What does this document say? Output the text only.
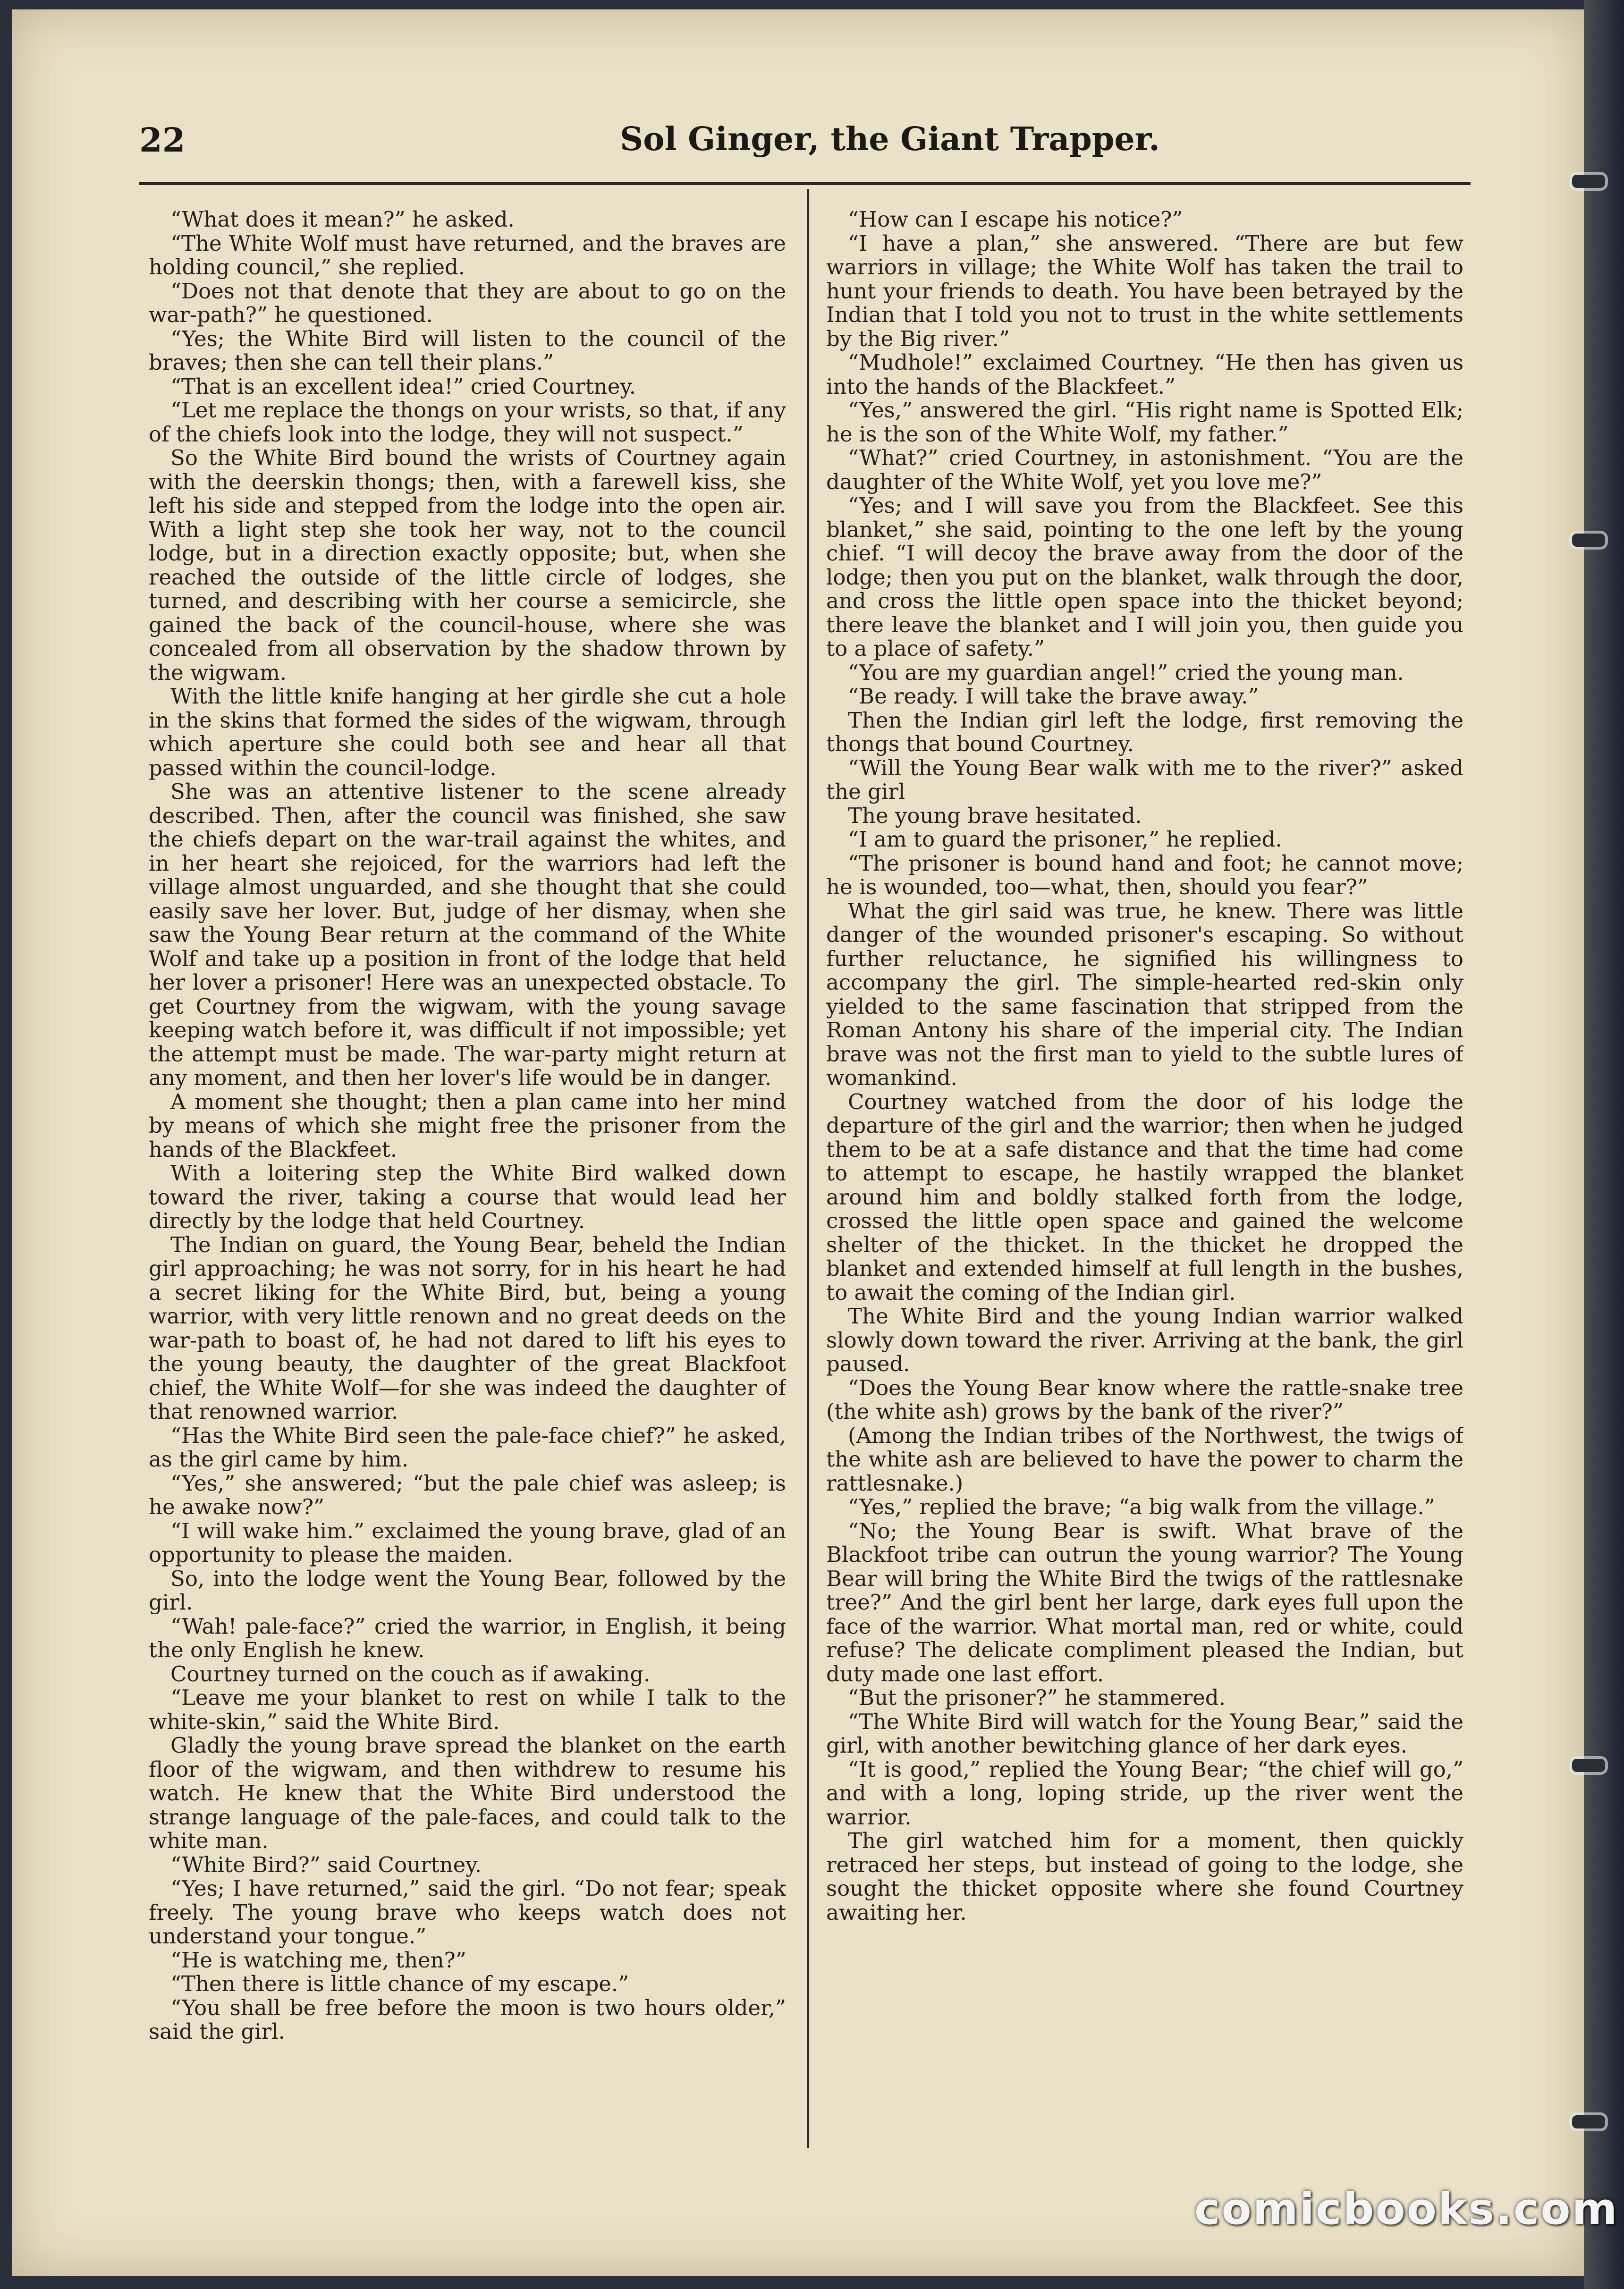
22	Sol Ginger, the Giant Trapper.

“What does it mean?” he asked.

“The White Wolf must have returned, and the braves are holding council,” she replied.

“Does not that denote that they are about to go on the war-path?” he questioned.

“Yes; the White Bird will listen to the council of the braves; then she can tell their plans.”

“That is an excellent idea!” cried Courtney.

“Let me replace the thongs on your wrists, so that, if any of the chiefs look into the lodge, they will not suspect.”

So the White Bird bound the wrists of Courtney again with the deerskin thongs; then, with a farewell kiss, she left his side and stepped from the lodge into the open air. With a light step she took her way, not to the council lodge, but in a direction exactly opposite; but, when she reached the outside of the little circle of lodges, she turned, and describing with her course a semicircle, she gained the back of the council-house, where she was concealed from all observation by the shadow thrown by the wigwam.

With the little knife hanging at her girdle she cut a hole in the skins that formed the sides of the wigwam, through which aperture she could both see and hear all that passed within the council-lodge.

She was an attentive listener to the scene already described. Then, after the council was finished, she saw the chiefs depart on the war-trail against the whites, and in her heart she rejoiced, for the warriors had left the village almost unguarded, and she thought that she could easily save her lover. But, judge of her dismay, when she saw the Young Bear return at the command of the White Wolf and take up a position in front of the lodge that held her lover a prisoner! Here was an unexpected obstacle. To get Courtney from the wigwam, with the young savage keeping watch before it, was difficult if not impossible; yet the attempt must be made. The war-party might return at any moment, and then her lover's life would be in danger.

A moment she thought; then a plan came into her mind by means of which she might free the prisoner from the hands of the Blackfeet.

With a loitering step the White Bird walked down toward the river, taking a course that would lead her directly by the lodge that held Courtney.

The Indian on guard, the Young Bear, beheld the Indian girl approaching; he was not sorry, for in his heart he had a secret liking for the White Bird, but, being a young warrior, with very little renown and no great deeds on the war-path to boast of, he had not dared to lift his eyes to the young beauty, the daughter of the great Blackfoot chief, the White Wolf—for she was indeed the daughter of that renowned warrior.

“Has the White Bird seen the pale-face chief?” he asked, as the girl came by him.

“Yes,” she answered; “but the pale chief was asleep; is he awake now?”

“I will wake him.” exclaimed the young brave, glad of an opportunity to please the maiden.

So, into the lodge went the Young Bear, followed by the girl.

“Wah! pale-face?” cried the warrior, in English, it being the only English he knew.

Courtney turned on the couch as if awaking.

“Leave me your blanket to rest on while I talk to the white-skin,” said the White Bird.

Gladly the young brave spread the blanket on the earth floor of the wigwam, and then withdrew to resume his watch. He knew that the White Bird understood the strange language of the pale-faces, and could talk to the white man.

“White Bird?” said Courtney.

“Yes; I have returned,” said the girl. “Do not fear; speak freely. The young brave who keeps watch does not understand your tongue.”

“He is watching me, then?”

“Then there is little chance of my escape.”

“You shall be free before the moon is two hours older,” said the girl.

“How can I escape his notice?”

“I have a plan,” she answered. “There are but few warriors in village; the White Wolf has taken the trail to hunt your friends to death. You have been betrayed by the Indian that I told you not to trust in the white settlements by the Big river.”

“Mudhole!” exclaimed Courtney. “He then has given us into the hands of the Blackfeet.”

“Yes,” answered the girl. “His right name is Spotted Elk; he is the son of the White Wolf, my father.”

“What?” cried Courtney, in astonishment. “You are the daughter of the White Wolf, yet you love me?”

“Yes; and I will save you from the Blackfeet. See this blanket,” she said, pointing to the one left by the young chief. “I will decoy the brave away from the door of the lodge; then you put on the blanket, walk through the door, and cross the little open space into the thicket beyond; there leave the blanket and I will join you, then guide you to a place of safety.”

“You are my guardian angel!” cried the young man.

“Be ready. I will take the brave away.”

Then the Indian girl left the lodge, first removing the thongs that bound Courtney.

“Will the Young Bear walk with me to the river?” asked the girl

The young brave hesitated.

“I am to guard the prisoner,” he replied.

“The prisoner is bound hand and foot; he cannot move; he is wounded, too—what, then, should you fear?”

What the girl said was true, he knew. There was little danger of the wounded prisoner's escaping. So without further reluctance, he signified his willingness to accompany the girl. The simple-hearted red-skin only yielded to the same fascination that stripped from the Roman Antony his share of the imperial city. The Indian brave was not the first man to yield to the subtle lures of womankind.

Courtney watched from the door of his lodge the departure of the girl and the warrior; then when he judged them to be at a safe distance and that the time had come to attempt to escape, he hastily wrapped the blanket around him and boldly stalked forth from the lodge, crossed the little open space and gained the welcome shelter of the thicket. In the thicket he dropped the blanket and extended himself at full length in the bushes, to await the coming of the Indian girl.

The White Bird and the young Indian warrior walked slowly down toward the river. Arriving at the bank, the girl paused.

“Does the Young Bear know where the rattle-snake tree (the white ash) grows by the bank of the river?”

(Among the Indian tribes of the Northwest, the twigs of the white ash are believed to have the power to charm the rattlesnake.)

“Yes,” replied the brave; “a big walk from the village.”

“No; the Young Bear is swift. What brave of the Blackfoot tribe can outrun the young warrior? The Young Bear will bring the White Bird the twigs of the rattlesnake tree?” And the girl bent her large, dark eyes full upon the face of the warrior. What mortal man, red or white, could refuse? The delicate compliment pleased the Indian, but duty made one last effort.

“But the prisoner?” he stammered.

“The White Bird will watch for the Young Bear,” said the girl, with another bewitching glance of her dark eyes.

“It is good,” replied the Young Bear; “the chief will go,” and with a long, loping stride, up the river went the warrior.

The girl watched him for a moment, then quickly retraced her steps, but instead of going to the lodge, she sought the thicket opposite where she found Courtney awaiting her.

comicbooks.com
